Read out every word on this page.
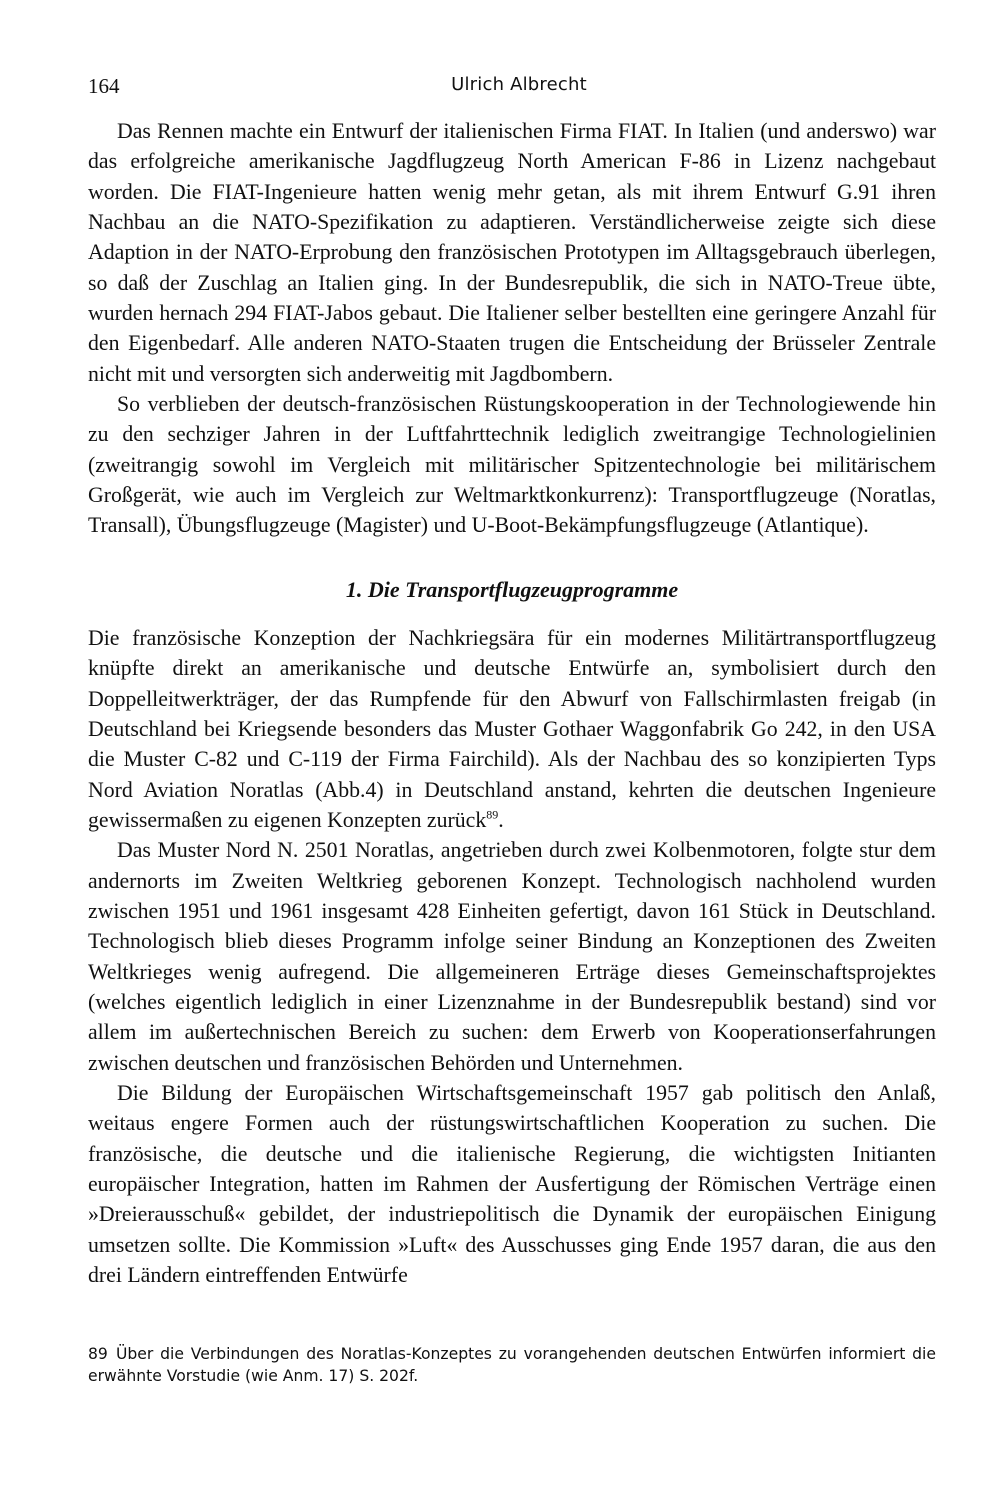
164	Ulrich Albrecht

Das Rennen machte ein Entwurf der italienischen Firma FIAT. In Italien (und anderswo) war das erfolgreiche amerikanische Jagdflugzeug North American F-86 in Lizenz nachgebaut worden. Die FIAT-Ingenieure hatten wenig mehr getan, als mit ihrem Entwurf G.91 ihren Nachbau an die NATO-Spezifikation zu adaptieren. Verständlicherweise zeigte sich diese Adaption in der NATO-Erprobung den französischen Prototypen im Alltagsgebrauch überlegen, so daß der Zuschlag an Italien ging. In der Bundesrepublik, die sich in NATO-Treue übte, wurden hernach 294 FIAT-Jabos gebaut. Die Italiener selber bestellten eine geringere Anzahl für den Eigenbedarf. Alle anderen NATO-Staaten trugen die Entscheidung der Brüsseler Zentrale nicht mit und versorgten sich anderweitig mit Jagdbombern.

So verblieben der deutsch-französischen Rüstungskooperation in der Technologiewende hin zu den sechziger Jahren in der Luftfahrttechnik lediglich zweitrangige Technologielinien (zweitrangig sowohl im Vergleich mit militärischer Spitzentechnologie bei militärischem Großgerät, wie auch im Vergleich zur Weltmarktkonkurrenz): Transportflugzeuge (Noratlas, Transall), Übungsflugzeuge (Magister) und U-Boot-Bekämpfungsflugzeuge (Atlantique).

1. Die Transportflugzeugprogramme

Die französische Konzeption der Nachkriegsära für ein modernes Militärtransportflugzeug knüpfte direkt an amerikanische und deutsche Entwürfe an, symbolisiert durch den Doppelleitwerkträger, der das Rumpfende für den Abwurf von Fallschirmlasten freigab (in Deutschland bei Kriegsende besonders das Muster Gothaer Waggonfabrik Go 242, in den USA die Muster C-82 und C-119 der Firma Fairchild). Als der Nachbau des so konzipierten Typs Nord Aviation Noratlas (Abb.4) in Deutschland anstand, kehrten die deutschen Ingenieure gewissermaßen zu eigenen Konzepten zurück$^{89}$.

Das Muster Nord N. 2501 Noratlas, angetrieben durch zwei Kolbenmotoren, folgte stur dem andernorts im Zweiten Weltkrieg geborenen Konzept. Technologisch nachholend wurden zwischen 1951 und 1961 insgesamt 428 Einheiten gefertigt, davon 161 Stück in Deutschland. Technologisch blieb dieses Programm infolge seiner Bindung an Konzeptionen des Zweiten Weltkrieges wenig aufregend. Die allgemeineren Erträge dieses Gemeinschaftsprojektes (welches eigentlich lediglich in einer Lizenznahme in der Bundesrepublik bestand) sind vor allem im außertechnischen Bereich zu suchen: dem Erwerb von Kooperationserfahrungen zwischen deutschen und französischen Behörden und Unternehmen.

Die Bildung der Europäischen Wirtschaftsgemeinschaft 1957 gab politisch den Anlaß, weitaus engere Formen auch der rüstungswirtschaftlichen Kooperation zu suchen. Die französische, die deutsche und die italienische Regierung, die wichtigsten Initianten europäischer Integration, hatten im Rahmen der Ausfertigung der Römischen Verträge einen »Dreierausschuß« gebildet, der industriepolitisch die Dynamik der europäischen Einigung umsetzen sollte. Die Kommission »Luft« des Ausschusses ging Ende 1957 daran, die aus den drei Ländern eintreffenden Entwürfe

89 Über die Verbindungen des Noratlas-Konzeptes zu vorangehenden deutschen Entwürfen informiert die erwähnte Vorstudie (wie Anm. 17) S. 202f.
